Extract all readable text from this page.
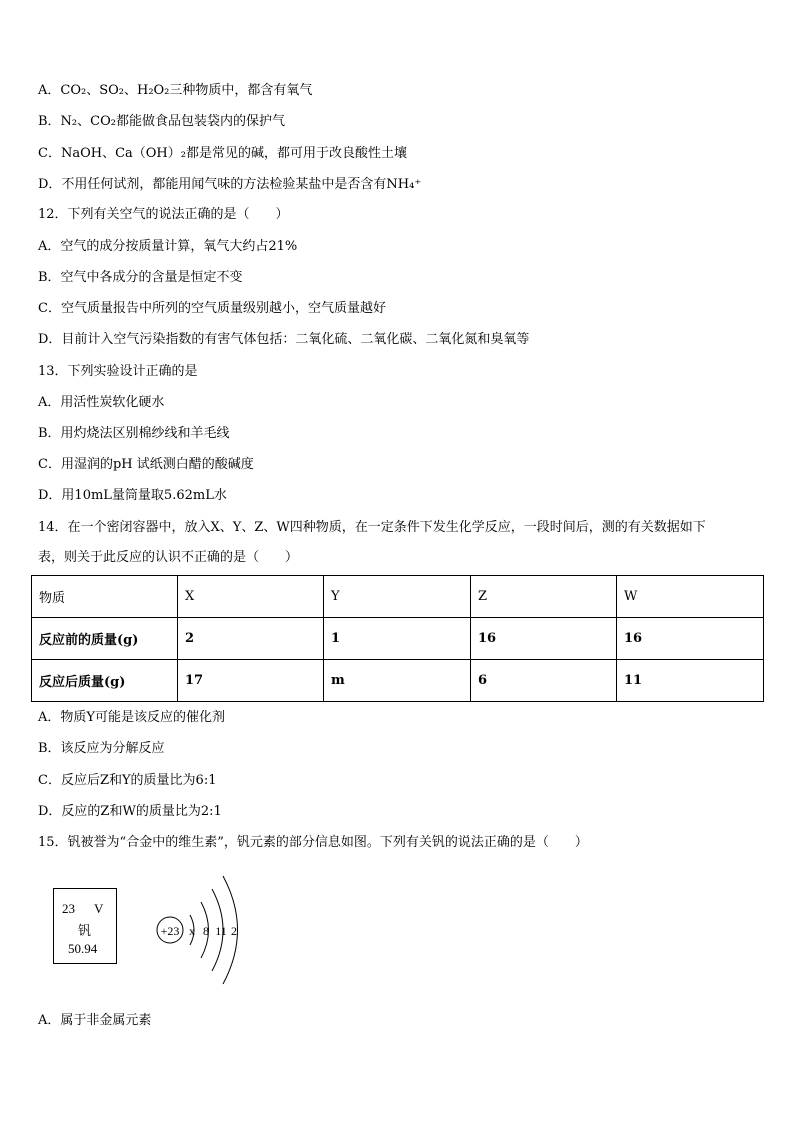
A．CO₂、SO₂、H₂O₂三种物质中，都含有氧气
B．N₂、CO₂都能做食品包装袋内的保护气
C．NaOH、Ca（OH）₂都是常见的碱，都可用于改良酸性土壤
D．不用任何试剂，都能用闻气味的方法检验某盐中是否含有NH₄⁺
12．下列有关空气的说法正确的是（　　）
A．空气的成分按质量计算，氧气大约占21%
B．空气中各成分的含量是恒定不变
C．空气质量报告中所列的空气质量级别越小，空气质量越好
D．目前计入空气污染指数的有害气体包括：二氧化硫、二氧化碳、二氧化氮和臭氧等
13．下列实验设计正确的是
A．用活性炭软化硬水
B．用灼烧法区别棉纱线和羊毛线
C．用湿润的pH 试纸测白醋的酸碱度
D．用10mL量筒量取5.62mL水
14．在一个密闭容器中，放入X、Y、Z、W四种物质，在一定条件下发生化学反应，一段时间后，测的有关数据如下
表，则关于此反应的认识不正确的是（　　）
物质	X	Y	Z	W
反应前的质量(g)	2	1	16	16
反应后质量(g)	17	m	6	11
A．物质Y可能是该反应的催化剂
B．该反应为分解反应
C．反应后Z和Y的质量比为6:1
D．反应的Z和W的质量比为2:1
15．钒被誉为“合金中的维生素”，钒元素的部分信息如图。下列有关钒的说法正确的是（　　）
23 V
钒
50.94
+23 x 8 11 2
A．属于非金属元素
